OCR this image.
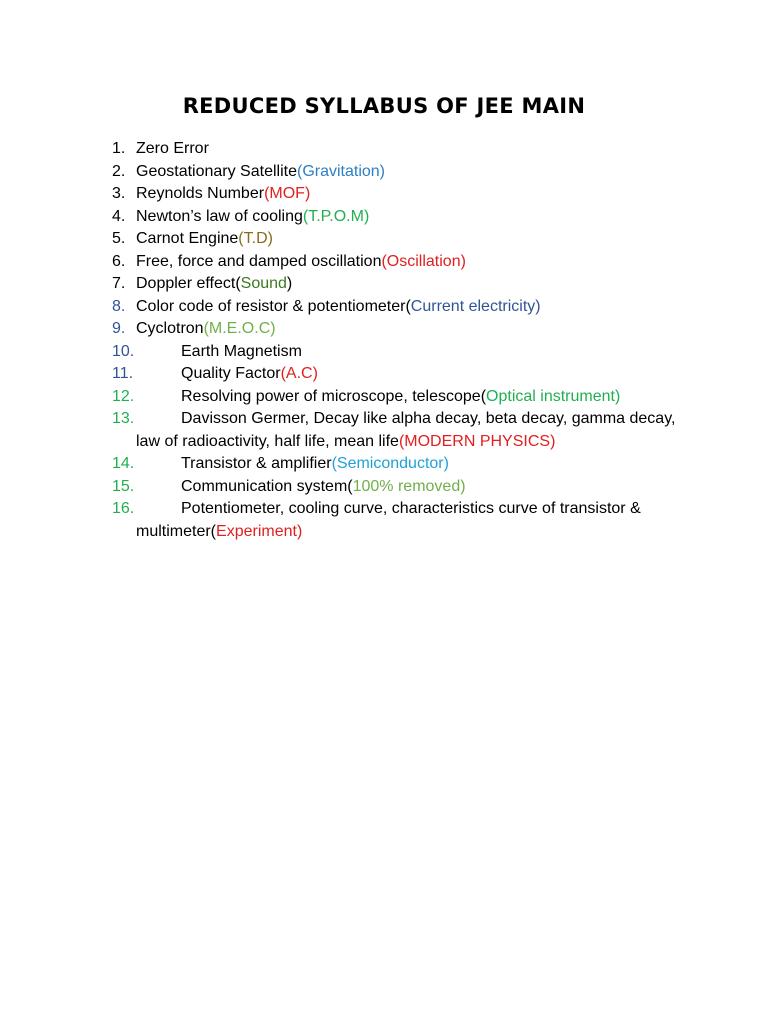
REDUCED SYLLABUS OF JEE MAIN
1. Zero Error
2. Geostationary Satellite(Gravitation)
3. Reynolds Number(MOF)
4. Newton’s law of cooling(T.P.O.M)
5. Carnot Engine(T.D)
6. Free, force and damped oscillation(Oscillation)
7. Doppler effect(Sound)
8. Color code of resistor & potentiometer(Current electricity)
9. Cyclotron(M.E.O.C)
10.	Earth Magnetism
11.	Quality Factor(A.C)
12.	Resolving power of microscope, telescope(Optical instrument)
13.	Davisson Germer, Decay like alpha decay, beta decay, gamma decay, law of radioactivity, half life, mean life(MODERN PHYSICS)
14.	Transistor & amplifier(Semiconductor)
15.	Communication system(100% removed)
16.	Potentiometer, cooling curve, characteristics curve of transistor & multimeter(Experiment)
